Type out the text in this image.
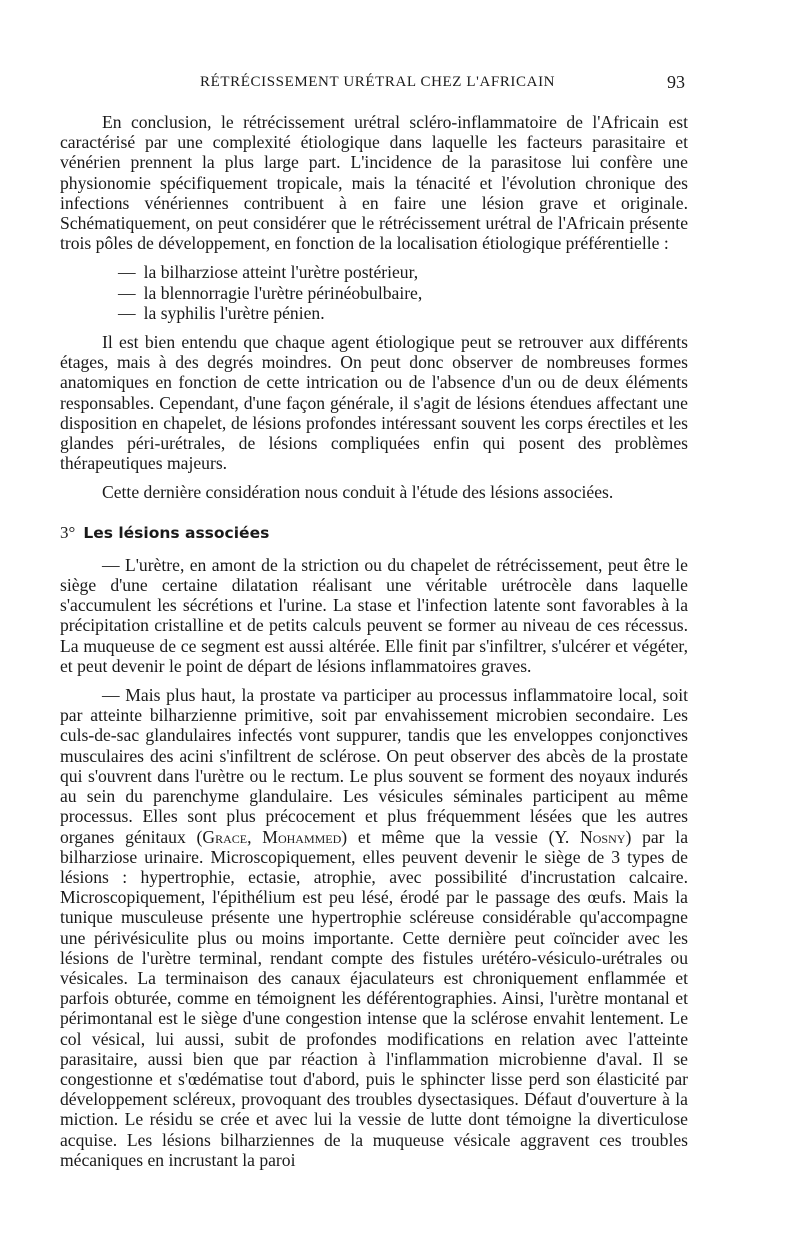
RÉTRÉCISSEMENT URÉTRAL CHEZ L'AFRICAIN	93

En conclusion, le rétrécissement urétral scléro-inflammatoire de l'Africain est caractérisé par une complexité étiologique dans laquelle les facteurs parasitaire et vénérien prennent la plus large part. L'incidence de la parasitose lui confère une physionomie spécifiquement tropicale, mais la ténacité et l'évolution chronique des infections vénériennes contribuent à en faire une lésion grave et originale. Schématiquement, on peut considérer que le rétrécissement urétral de l'Africain présente trois pôles de développement, en fonction de la localisation étiologique préférentielle :

— la bilharziose atteint l'urètre postérieur,
— la blennorragie l'urètre périnéobulbaire,
— la syphilis l'urètre pénien.

Il est bien entendu que chaque agent étiologique peut se retrouver aux différents étages, mais à des degrés moindres. On peut donc observer de nombreuses formes anatomiques en fonction de cette intrication ou de l'absence d'un ou de deux éléments responsables. Cependant, d'une façon générale, il s'agit de lésions étendues affectant une disposition en chapelet, de lésions profondes intéressant souvent les corps érectiles et les glandes péri-urétrales, de lésions compliquées enfin qui posent des problèmes thérapeutiques majeurs.

Cette dernière considération nous conduit à l'étude des lésions associées.

3° Les lésions associées

— L'urètre, en amont de la striction ou du chapelet de rétrécissement, peut être le siège d'une certaine dilatation réalisant une véritable urétrocèle dans laquelle s'accumulent les sécrétions et l'urine. La stase et l'infection latente sont favorables à la précipitation cristalline et de petits calculs peuvent se former au niveau de ces récessus. La muqueuse de ce segment est aussi altérée. Elle finit par s'infiltrer, s'ulcérer et végéter, et peut devenir le point de départ de lésions inflammatoires graves.

— Mais plus haut, la prostate va participer au processus inflammatoire local, soit par atteinte bilharzienne primitive, soit par envahissement microbien secondaire. Les culs-de-sac glandulaires infectés vont suppurer, tandis que les enveloppes conjonctives musculaires des acini s'infiltrent de sclérose. On peut observer des abcès de la prostate qui s'ouvrent dans l'urètre ou le rectum. Le plus souvent se forment des noyaux indurés au sein du parenchyme glandulaire. Les vésicules séminales participent au même processus. Elles sont plus précocement et plus fréquemment lésées que les autres organes génitaux (Grace, Mohammed) et même que la vessie (Y. Nosny) par la bilharziose urinaire. Microscopiquement, elles peuvent devenir le siège de 3 types de lésions : hypertrophie, ectasie, atrophie, avec possibilité d'incrustation calcaire. Microscopiquement, l'épithélium est peu lésé, érodé par le passage des œufs. Mais la tunique musculeuse présente une hypertrophie scléreuse considérable qu'accompagne une périvésiculite plus ou moins importante. Cette dernière peut coïncider avec les lésions de l'urètre terminal, rendant compte des fistules urétéro-vésiculo-urétrales ou vésicales. La terminaison des canaux éjaculateurs est chroniquement enflammée et parfois obturée, comme en témoignent les déférentographies. Ainsi, l'urètre montanal et périmontanal est le siège d'une congestion intense que la sclérose envahit lentement. Le col vésical, lui aussi, subit de profondes modifications en relation avec l'atteinte parasitaire, aussi bien que par réaction à l'inflammation microbienne d'aval. Il se congestionne et s'œdématise tout d'abord, puis le sphincter lisse perd son élasticité par développement scléreux, provoquant des troubles dysectasiques. Défaut d'ouverture à la miction. Le résidu se crée et avec lui la vessie de lutte dont témoigne la diverticulose acquise. Les lésions bilharziennes de la muqueuse vésicale aggravent ces troubles mécaniques en incrustant la paroi
